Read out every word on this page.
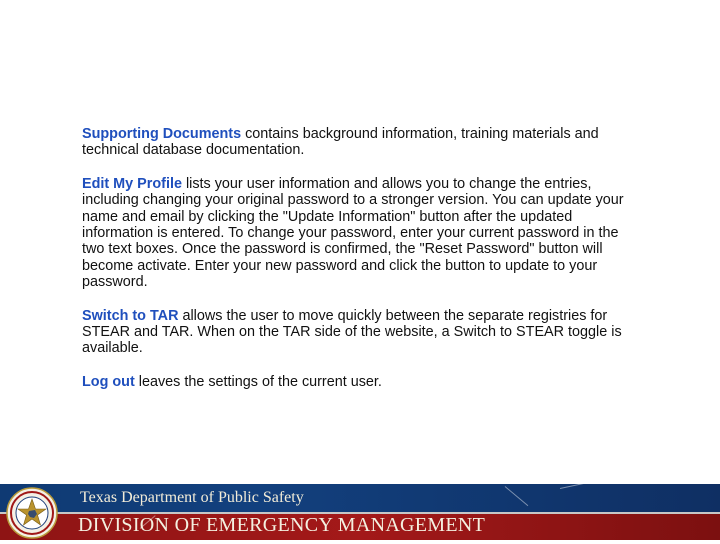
Supporting Documents contains background information, training materials and technical database documentation.

Edit My Profile lists your user information and allows you to change the entries, including changing your original password to a stronger version. You can update your name and email by clicking the "Update Information" button after the updated information is entered. To change your password, enter your current password in the two text boxes. Once the password is confirmed, the "Reset Password" button will become activate. Enter your new password and click the button to update to your password.

Switch to TAR allows the user to move quickly between the separate registries for STEAR and TAR. When on the TAR side of the website, a Switch to STEAR toggle is available.

Log out leaves the settings of the current user.

Texas Department of Public Safety
DIVISION OF EMERGENCY MANAGEMENT
